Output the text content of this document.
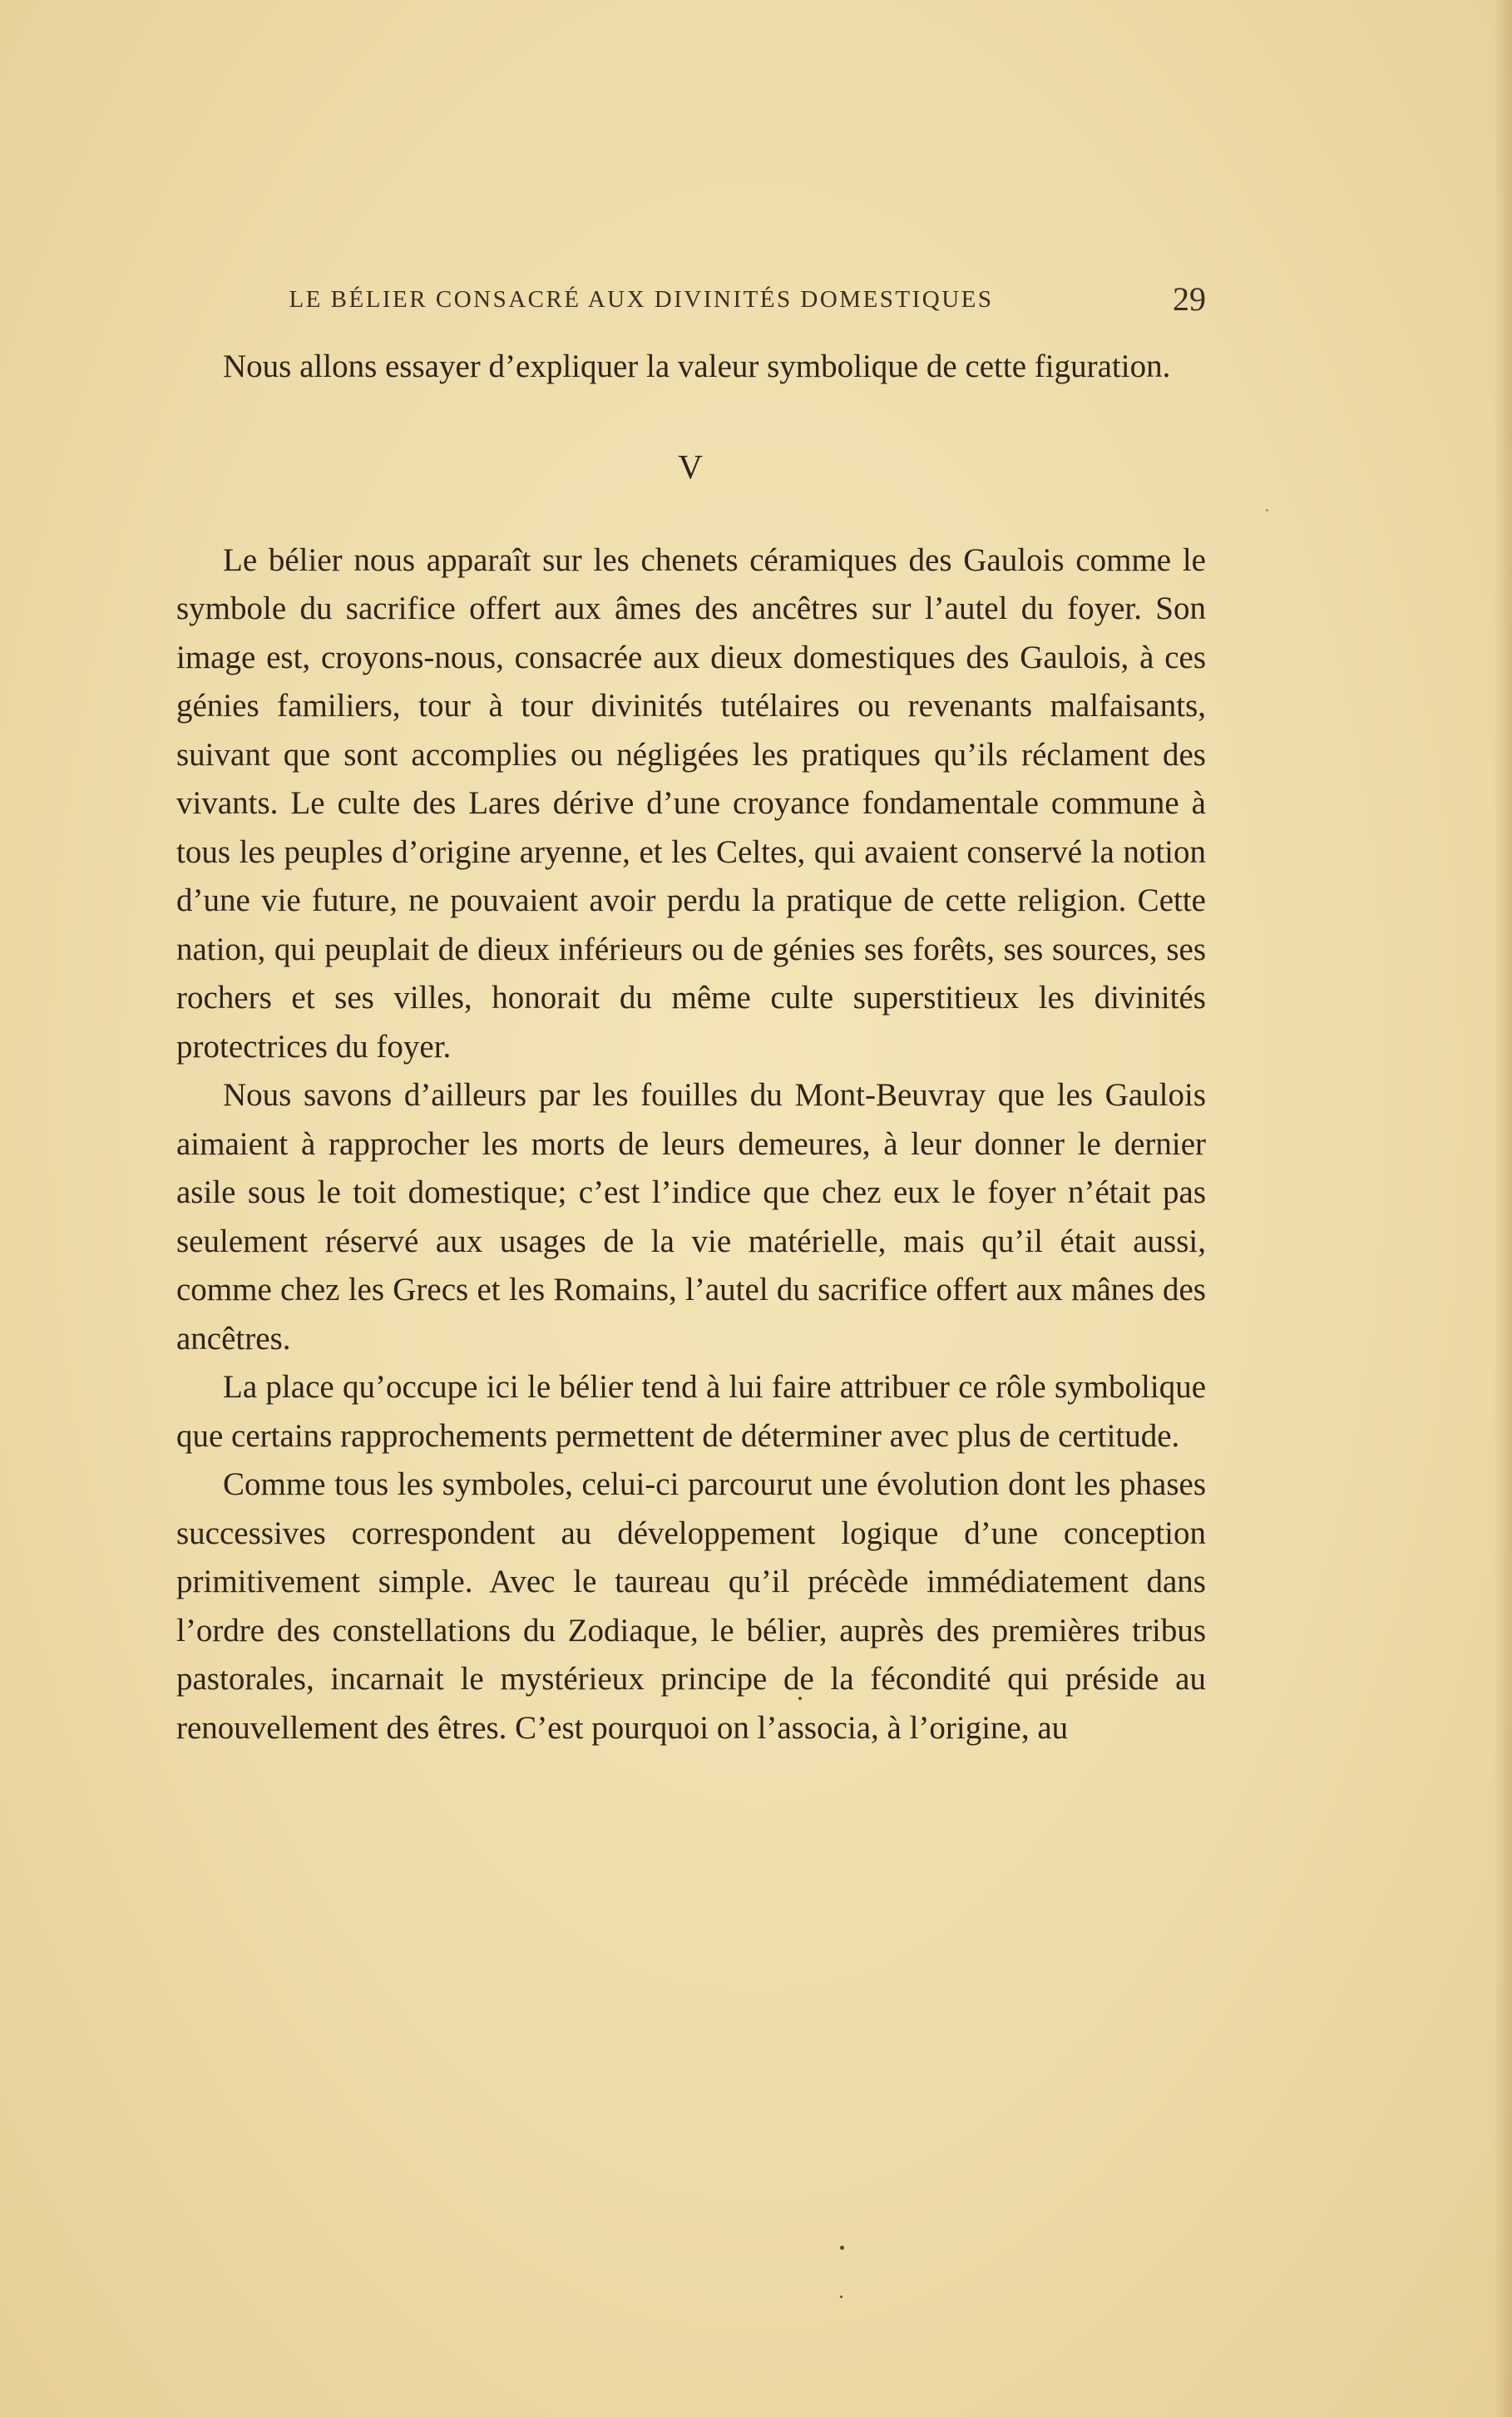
LE BÉLIER CONSACRÉ AUX DIVINITÉS DOMESTIQUES	29

Nous allons essayer d’expliquer la valeur symbolique de cette figuration.

V

Le bélier nous apparaît sur les chenets céramiques des Gaulois comme le symbole du sacrifice offert aux âmes des ancêtres sur l’autel du foyer. Son image est, croyons-nous, consacrée aux dieux domestiques des Gaulois, à ces génies familiers, tour à tour divinités tutélaires ou revenants malfaisants, suivant que sont accomplies ou négligées les pratiques qu’ils réclament des vivants. Le culte des Lares dérive d’une croyance fondamentale commune à tous les peuples d’origine aryenne, et les Celtes, qui avaient conservé la notion d’une vie future, ne pouvaient avoir perdu la pratique de cette religion. Cette nation, qui peuplait de dieux inférieurs ou de génies ses forêts, ses sources, ses rochers et ses villes, honorait du même culte superstitieux les divinités protectrices du foyer.

Nous savons d’ailleurs par les fouilles du Mont-Beuvray que les Gaulois aimaient à rapprocher les morts de leurs demeures, à leur donner le dernier asile sous le toit domestique; c’est l’indice que chez eux le foyer n’était pas seulement réservé aux usages de la vie matérielle, mais qu’il était aussi, comme chez les Grecs et les Romains, l’autel du sacrifice offert aux mânes des ancêtres.

La place qu’occupe ici le bélier tend à lui faire attribuer ce rôle symbolique que certains rapprochements permettent de déterminer avec plus de certitude.

Comme tous les symboles, celui-ci parcourut une évolution dont les phases successives correspondent au développement logique d’une conception primitivement simple. Avec le taureau qu’il précède immédiatement dans l’ordre des constellations du Zodiaque, le bélier, auprès des premières tribus pastorales, incarnait le mystérieux principe de la fécondité qui préside au renouvellement des êtres. C’est pourquoi on l’associa, à l’origine, au
